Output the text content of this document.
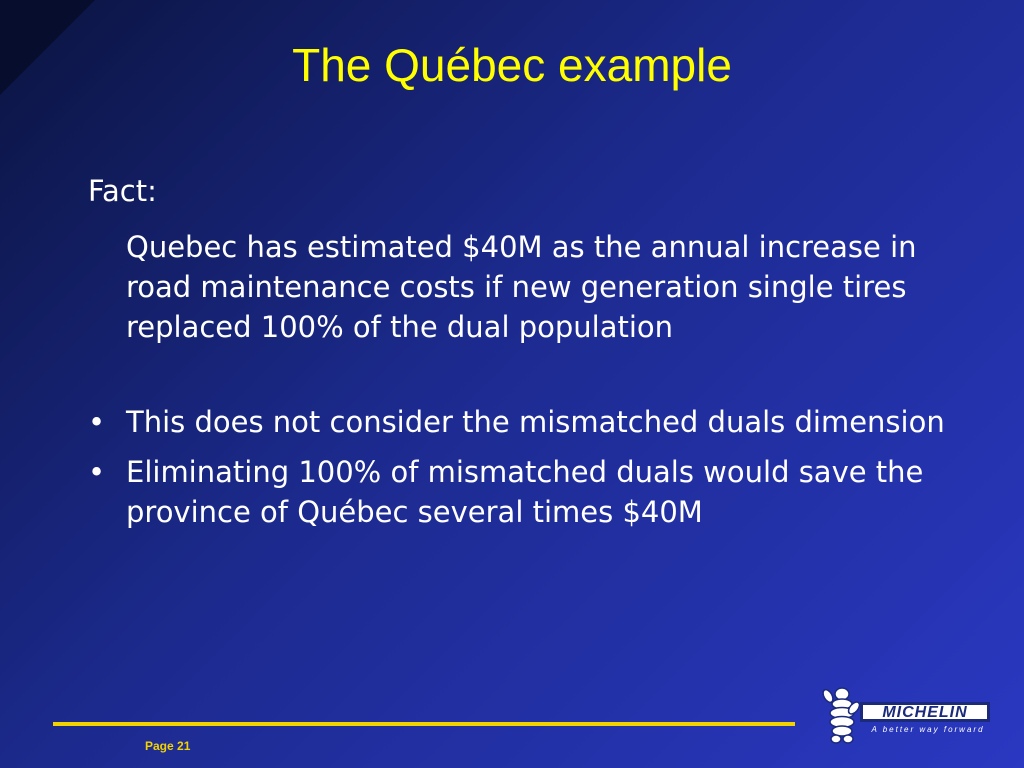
The Québec example
Fact:
Quebec has estimated $40M as the annual increase in road maintenance costs if new generation single tires replaced 100% of the dual population
• This does not consider the mismatched duals dimension
• Eliminating 100% of mismatched duals would save the province of Québec several times $40M
Page 21
MICHELIN
A better way forward
